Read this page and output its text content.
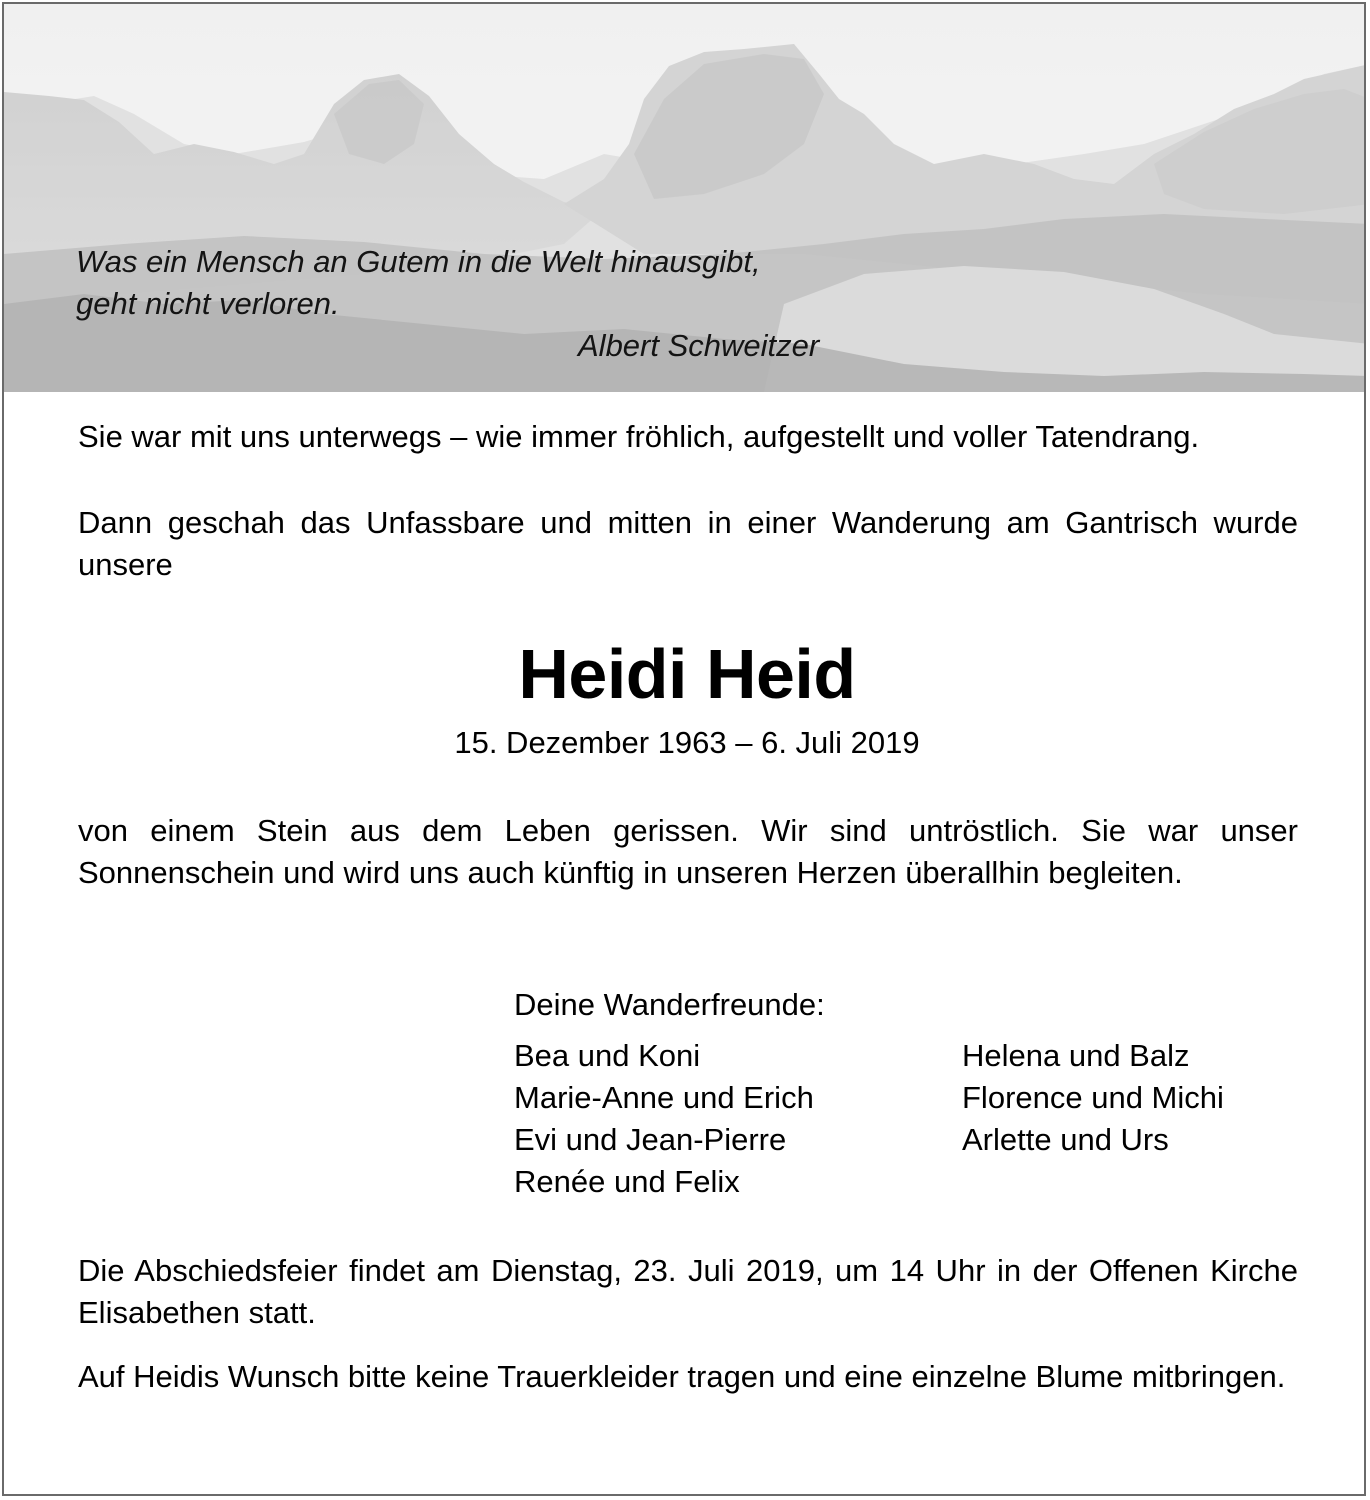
Was ein Mensch an Gutem in die Welt hinausgibt,
geht nicht verloren.
Albert Schweitzer

Sie war mit uns unterwegs – wie immer fröhlich, aufgestellt und voller Tatendrang.

Dann geschah das Unfassbare und mitten in einer Wanderung am Gantrisch wurde unsere

Heidi Heid
15. Dezember 1963 – 6. Juli 2019

von einem Stein aus dem Leben gerissen. Wir sind untröstlich. Sie war unser Sonnenschein und wird uns auch künftig in unseren Herzen überallhin begleiten.

Deine Wanderfreunde:
Bea und Koni
Marie-Anne und Erich
Evi und Jean-Pierre
Renée und Felix
Helena und Balz
Florence und Michi
Arlette und Urs

Die Abschiedsfeier findet am Dienstag, 23. Juli 2019, um 14 Uhr in der Offenen Kirche Elisabethen statt.

Auf Heidis Wunsch bitte keine Trauerkleider tragen und eine einzelne Blume mitbringen.
